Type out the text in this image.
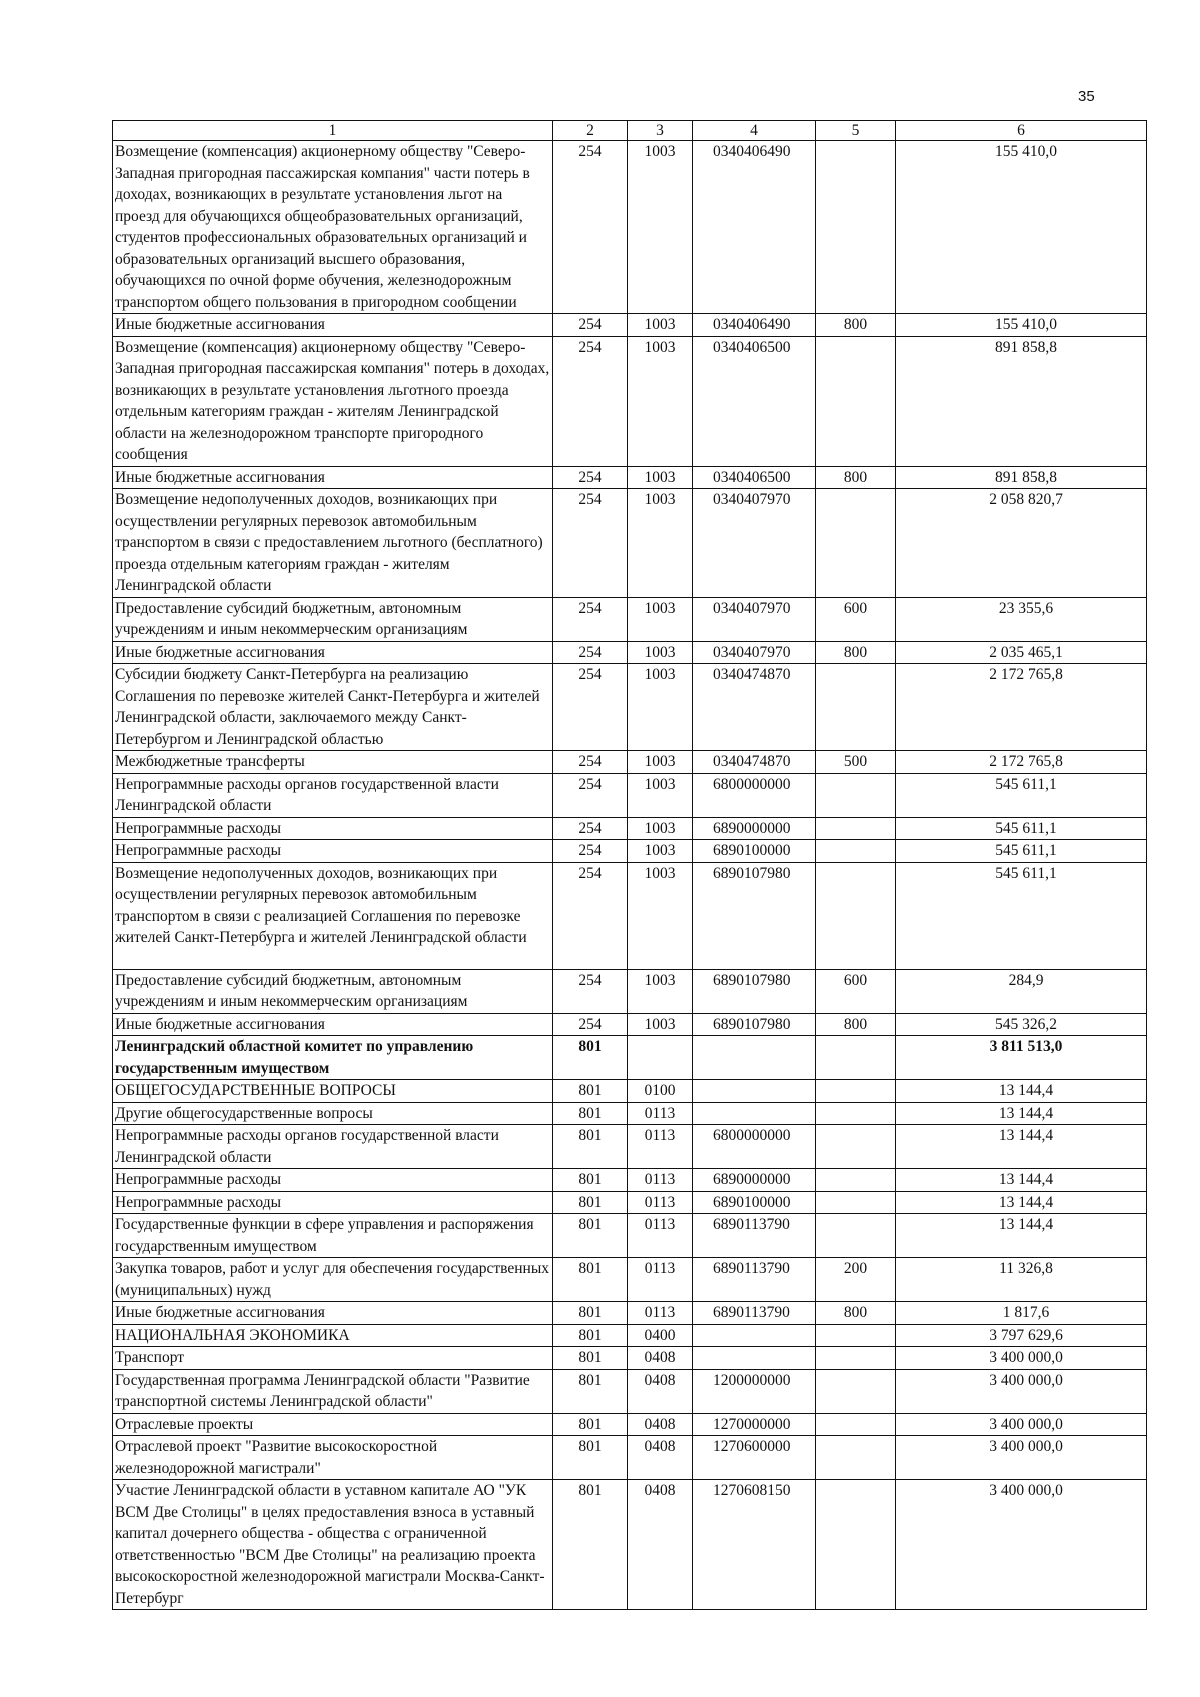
35
1	2	3	4	5	6
Возмещение (компенсация) акционерному обществу "Северо-Западная пригородная пассажирская компания" части потерь в доходах, возникающих в результате установления льгот на проезд для обучающихся общеобразовательных организаций, студентов профессиональных образовательных организаций и образовательных организаций высшего образования, обучающихся по очной форме обучения, железнодорожным транспортом общего пользования в пригородном сообщении	254	1003	0340406490		155 410,0
Иные бюджетные ассигнования	254	1003	0340406490	800	155 410,0
Возмещение (компенсация) акционерному обществу "Северо-Западная пригородная пассажирская компания" потерь в доходах, возникающих в результате установления льготного проезда отдельным категориям граждан - жителям Ленинградской области на железнодорожном транспорте пригородного сообщения	254	1003	0340406500		891 858,8
Иные бюджетные ассигнования	254	1003	0340406500	800	891 858,8
Возмещение недополученных доходов, возникающих при осуществлении регулярных перевозок автомобильным транспортом в связи с предоставлением льготного (бесплатного) проезда отдельным категориям граждан - жителям Ленинградской области	254	1003	0340407970		2 058 820,7
Предоставление субсидий бюджетным, автономным учреждениям и иным некоммерческим организациям	254	1003	0340407970	600	23 355,6
Иные бюджетные ассигнования	254	1003	0340407970	800	2 035 465,1
Субсидии бюджету Санкт-Петербурга на реализацию Соглашения по перевозке жителей Санкт-Петербурга и жителей Ленинградской области, заключаемого между Санкт-Петербургом и Ленинградской областью	254	1003	0340474870		2 172 765,8
Межбюджетные трансферты	254	1003	0340474870	500	2 172 765,8
Непрограммные расходы органов государственной власти Ленинградской области	254	1003	6800000000		545 611,1
Непрограммные расходы	254	1003	6890000000		545 611,1
Непрограммные расходы	254	1003	6890100000		545 611,1
Возмещение недополученных доходов, возникающих при осуществлении регулярных перевозок автомобильным транспортом в связи с реализацией Соглашения по перевозке жителей Санкт-Петербурга и жителей Ленинградской области	254	1003	6890107980		545 611,1
Предоставление субсидий бюджетным, автономным учреждениям и иным некоммерческим организациям	254	1003	6890107980	600	284,9
Иные бюджетные ассигнования	254	1003	6890107980	800	545 326,2
Ленинградский областной комитет по управлению государственным имуществом	801				3 811 513,0
ОБЩЕГОСУДАРСТВЕННЫЕ ВОПРОСЫ	801	0100			13 144,4
Другие общегосударственные вопросы	801	0113			13 144,4
Непрограммные расходы органов государственной власти Ленинградской области	801	0113	6800000000		13 144,4
Непрограммные расходы	801	0113	6890000000		13 144,4
Непрограммные расходы	801	0113	6890100000		13 144,4
Государственные функции в сфере управления и распоряжения государственным имуществом	801	0113	6890113790		13 144,4
Закупка товаров, работ и услуг для обеспечения государственных (муниципальных) нужд	801	0113	6890113790	200	11 326,8
Иные бюджетные ассигнования	801	0113	6890113790	800	1 817,6
НАЦИОНАЛЬНАЯ ЭКОНОМИКА	801	0400			3 797 629,6
Транспорт	801	0408			3 400 000,0
Государственная программа Ленинградской области "Развитие транспортной системы Ленинградской области"	801	0408	1200000000		3 400 000,0
Отраслевые проекты	801	0408	1270000000		3 400 000,0
Отраслевой проект "Развитие высокоскоростной железнодорожной магистрали"	801	0408	1270600000		3 400 000,0
Участие Ленинградской области в уставном капитале АО "УК ВСМ Две Столицы" в целях предоставления взноса в уставный капитал дочернего общества - общества с ограниченной ответственностью "ВСМ Две Столицы" на реализацию проекта высокоскоростной железнодорожной магистрали Москва-Санкт-Петербург	801	0408	1270608150		3 400 000,0
